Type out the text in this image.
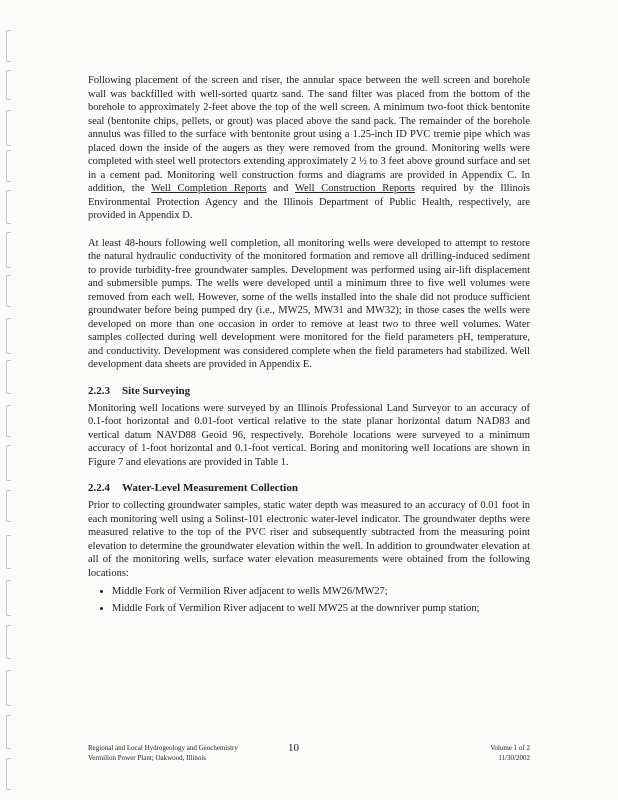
Following placement of the screen and riser, the annular space between the well screen and borehole wall was backfilled with well-sorted quartz sand. The sand filter was placed from the bottom of the borehole to approximately 2-feet above the top of the well screen. A minimum two-foot thick bentonite seal (bentonite chips, pellets, or grout) was placed above the sand pack. The remainder of the borehole annulus was filled to the surface with bentonite grout using a 1.25-inch ID PVC tremie pipe which was placed down the inside of the augers as they were removed from the ground. Monitoring wells were completed with steel well protectors extending approximately 2 ½ to 3 feet above ground surface and set in a cement pad. Monitoring well construction forms and diagrams are provided in Appendix C. In addition, the Well Completion Reports and Well Construction Reports required by the Illinois Environmental Protection Agency and the Illinois Department of Public Health, respectively, are provided in Appendix D.

At least 48-hours following well completion, all monitoring wells were developed to attempt to restore the natural hydraulic conductivity of the monitored formation and remove all drilling-induced sediment to provide turbidity-free groundwater samples. Development was performed using air-lift displacement and submersible pumps. The wells were developed until a minimum three to five well volumes were removed from each well. However, some of the wells installed into the shale did not produce sufficient groundwater before being pumped dry (i.e., MW25, MW31 and MW32); in those cases the wells were developed on more than one occasion in order to remove at least two to three well volumes. Water samples collected during well development were monitored for the field parameters pH, temperature, and conductivity. Development was considered complete when the field parameters had stabilized. Well development data sheets are provided in Appendix E.

2.2.3 Site Surveying

Monitoring well locations were surveyed by an Illinois Professional Land Surveyor to an accuracy of 0.1-foot horizontal and 0.01-foot vertical relative to the state planar horizontal datum NAD83 and vertical datum NAVD88 Geoid 96, respectively. Borehole locations were surveyed to a minimum accuracy of 1-foot horizontal and 0.1-foot vertical. Boring and monitoring well locations are shown in Figure 7 and elevations are provided in Table 1.

2.2.4 Water-Level Measurement Collection

Prior to collecting groundwater samples, static water depth was measured to an accuracy of 0.01 foot in each monitoring well using a Solinst-101 electronic water-level indicator. The groundwater depths were measured relative to the top of the PVC riser and subsequently subtracted from the measuring point elevation to determine the groundwater elevation within the well. In addition to groundwater elevation at all of the monitoring wells, surface water elevation measurements were obtained from the following locations:

• Middle Fork of Vermilion River adjacent to wells MW26/MW27;
• Middle Fork of Vermilion River adjacent to well MW25 at the downriver pump station;
Regional and Local Hydrogeology and Geochemistry
Vermilion Power Plant; Oakwood, Illinois
10	Volume 1 of 2
11/30/2002
